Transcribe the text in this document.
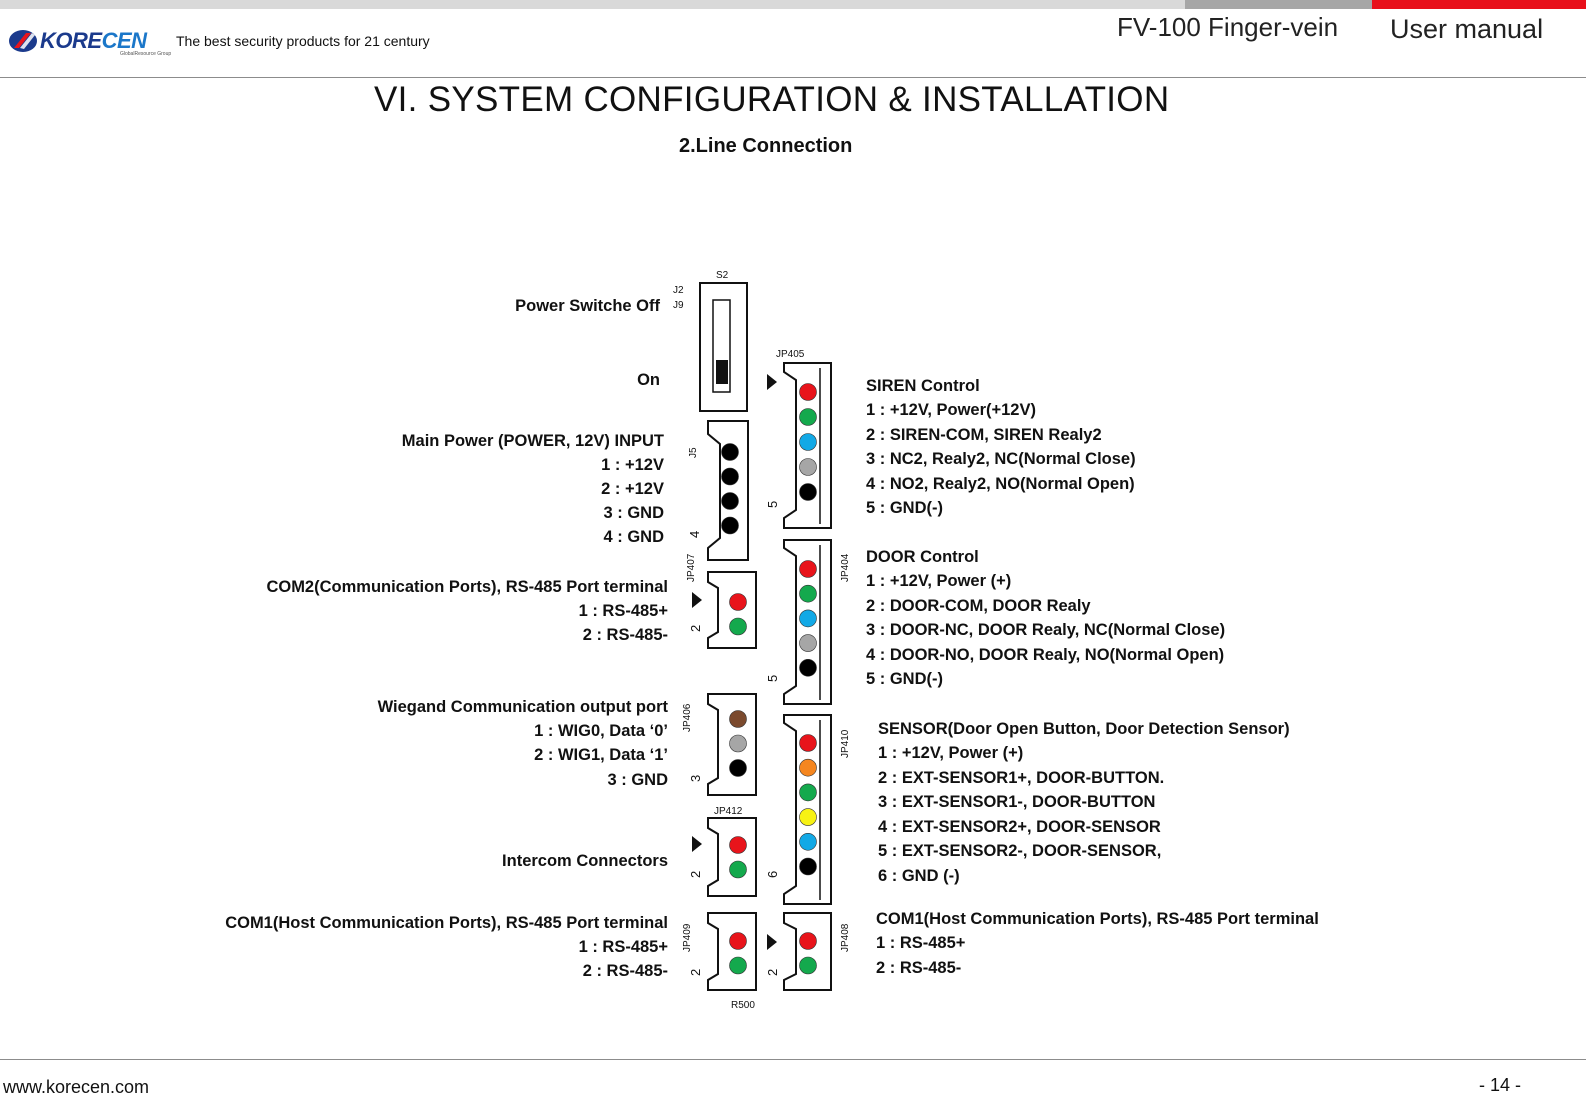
KORECEN
GlobalResource Group
The best security products for 21 century	FV-100 Finger-vein User manual
VI. SYSTEM CONFIGURATION & INSTALLATION
2.Line Connection
S2
J2
J9
Power Switche Off
On
J5
4
Main Power (POWER, 12V) INPUT
1 : +12V
2 : +12V
3 : GND
4 : GND
JP407
2
COM2(Communication Ports), RS-485 Port terminal
1 : RS-485+
2 : RS-485-
JP406
3
Wiegand Communication output port
1 : WIG0, Data ‘0’
2 : WIG1, Data ‘1’
3 : GND
JP412
2
Intercom Connectors
JP409
2
R500
COM1(Host Communication Ports), RS-485 Port terminal
1 : RS-485+
2 : RS-485-
JP405
5
SIREN Control
1 : +12V, Power(+12V)
2 : SIREN-COM, SIREN Realy2
3 : NC2, Realy2, NC(Normal Close)
4 : NO2, Realy2, NO(Normal Open)
5 : GND(-)
JP404
5
DOOR Control
1 : +12V, Power (+)
2 : DOOR-COM, DOOR Realy
3 : DOOR-NC, DOOR Realy, NC(Normal Close)
4 : DOOR-NO, DOOR Realy, NO(Normal Open)
5 : GND(-)
JP410
6
SENSOR(Door Open Button, Door Detection Sensor)
1 : +12V, Power (+)
2 : EXT-SENSOR1+, DOOR-BUTTON.
3 : EXT-SENSOR1-, DOOR-BUTTON
4 : EXT-SENSOR2+, DOOR-SENSOR
5 : EXT-SENSOR2-, DOOR-SENSOR,
6 : GND (-)
JP408
2
COM1(Host Communication Ports), RS-485 Port terminal
1 : RS-485+
2 : RS-485-
www.korecen.com	- 14 -
